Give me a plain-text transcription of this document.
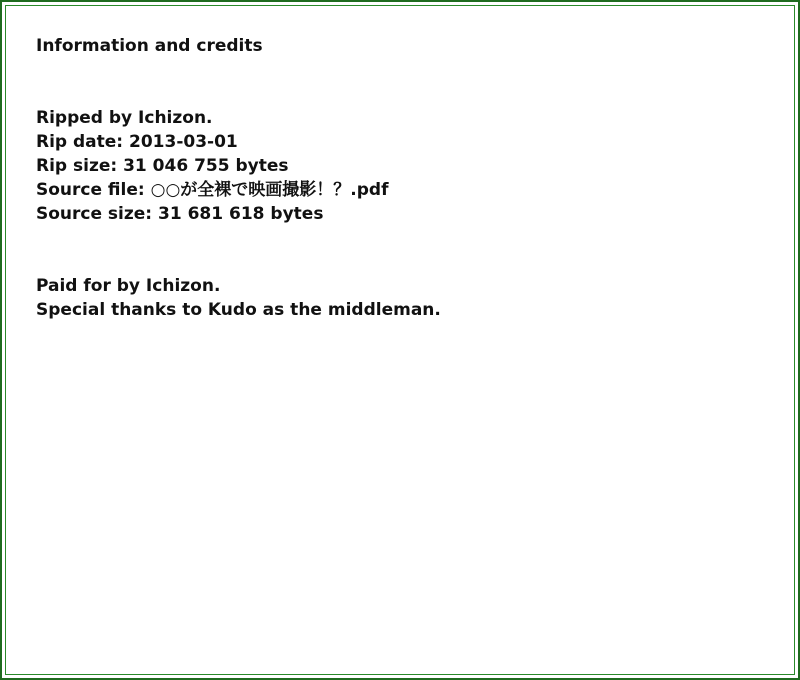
Information and credits
Ripped by Ichizon.
Rip date: 2013-03-01
Rip size: 31 046 755 bytes
Source file: ○○が全裸で映画撮影！？.pdf
Source size: 31 681 618 bytes
Paid for by Ichizon.
Special thanks to Kudo as the middleman.
